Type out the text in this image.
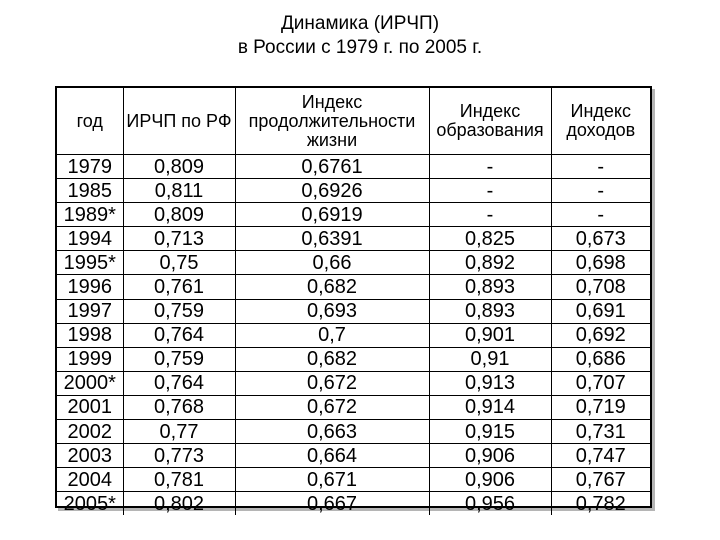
Динамика (ИРЧП)
в России с 1979 г. по 2005 г.
год	ИРЧП по РФ	Индекс продолжительности жизни	Индекс образования	Индекс доходов
1979	0,809	0,6761	-	-
1985	0,811	0,6926	-	-
1989*	0,809	0,6919	-	-
1994	0,713	0,6391	0,825	0,673
1995*	0,75	0,66	0,892	0,698
1996	0,761	0,682	0,893	0,708
1997	0,759	0,693	0,893	0,691
1998	0,764	0,7	0,901	0,692
1999	0,759	0,682	0,91	0,686
2000*	0,764	0,672	0,913	0,707
2001	0,768	0,672	0,914	0,719
2002	0,77	0,663	0,915	0,731
2003	0,773	0,664	0,906	0,747
2004	0,781	0,671	0,906	0,767
2005*	0,802	0,667	0,956	0,782
